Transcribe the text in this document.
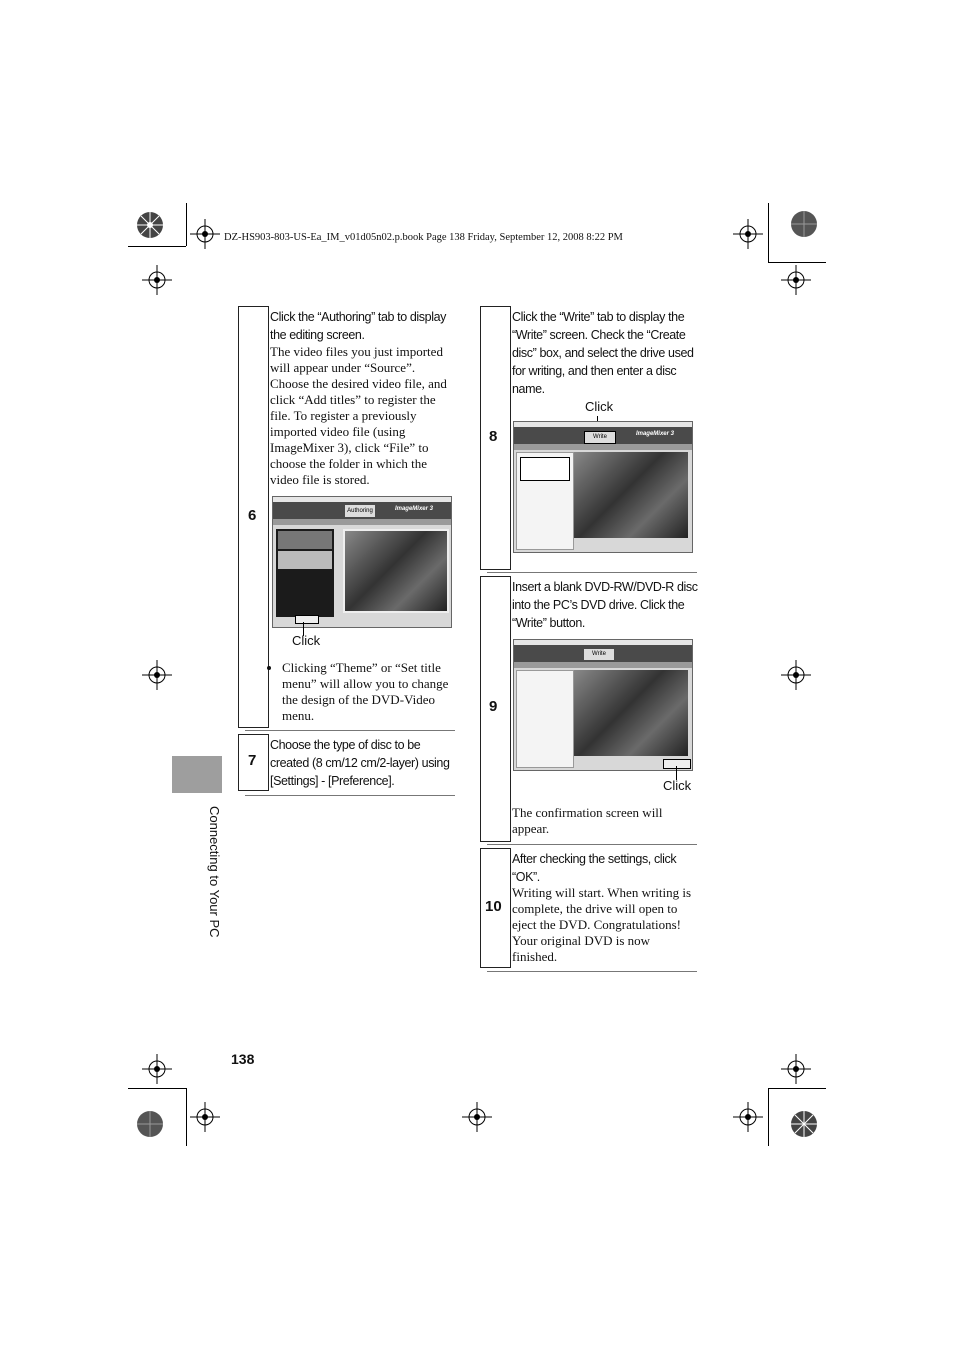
DZ-HS903-803-US-Ea_IM_v01d05n02.p.book Page 138 Friday, September 12, 2008 8:22 PM
Connecting to Your PC
6
Click the “Authoring” tab to display the editing screen.
The video files you just imported will appear under “Source”. Choose the desired video file, and click “Add titles” to register the file. To register a previously imported video file (using ImageMixer 3), click “File” to choose the folder in which the video file is stored.
Authoring	ImageMixer 3
Click
• Clicking “Theme” or “Set title menu” will allow you to change the design of the DVD-Video menu.
7
Choose the type of disc to be created (8 cm/12 cm/2-layer) using [Settings] - [Preference].
8
Click the “Write” tab to display the “Write” screen. Check the “Create disc” box, and select the drive used for writing, and then enter a disc name.
Click
Write	ImageMixer 3
9
Insert a blank DVD-RW/DVD-R disc into the PC’s DVD drive. Click the “Write” button.
Write
Click
The confirmation screen will appear.
10
After checking the settings, click “OK”.
Writing will start. When writing is complete, the drive will open to eject the DVD. Congratulations! Your original DVD is now finished.
138
